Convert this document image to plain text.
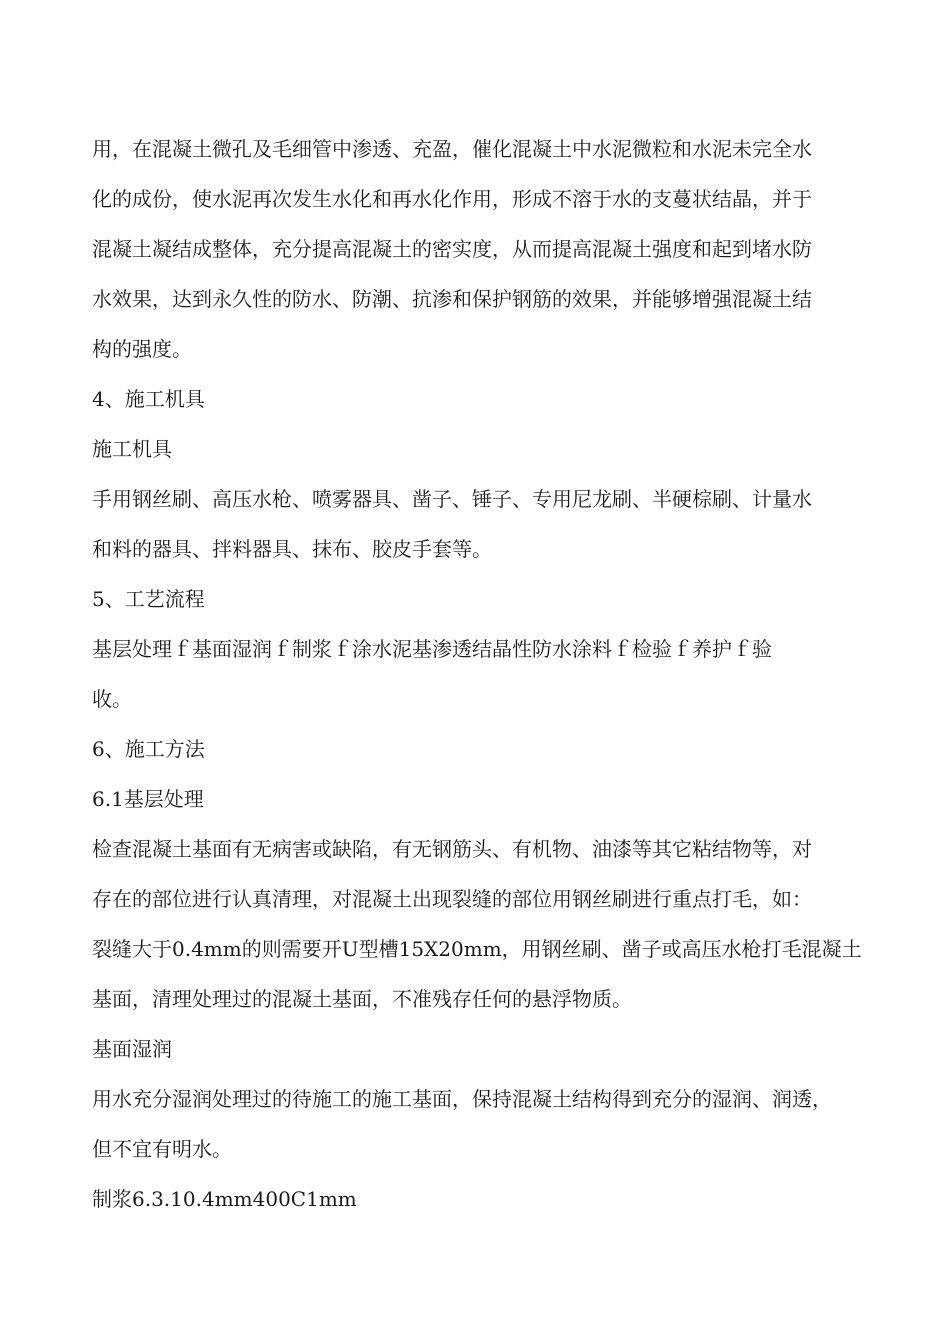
用，在混凝土微孔及毛细管中渗透、充盈，催化混凝土中水泥微粒和水泥未完全水

化的成份，使水泥再次发生水化和再水化作用，形成不溶于水的支蔓状结晶，并于

混凝土凝结成整体，充分提高混凝土的密实度，从而提高混凝土强度和起到堵水防

水效果，达到永久性的防水、防潮、抗渗和保护钢筋的效果，并能够增强混凝土结

构的强度。

4、施工机具

施工机具

手用钢丝刷、高压水枪、喷雾器具、凿子、锤子、专用尼龙刷、半硬棕刷、计量水

和料的器具、拌料器具、抹布、胶皮手套等。

5、工艺流程

基层处理ｆ基面湿润ｆ制浆ｆ涂水泥基渗透结晶性防水涂料ｆ检验ｆ养护ｆ验

收。

6、施工方法

6.1基层处理

检查混凝土基面有无病害或缺陷，有无钢筋头、有机物、油漆等其它粘结物等，对

存在的部位进行认真清理，对混凝土出现裂缝的部位用钢丝刷进行重点打毛，如：

裂缝大于0.4mm的则需要开U型槽15X20mm，用钢丝刷、凿子或高压水枪打毛混凝土

基面，清理处理过的混凝土基面，不准残存任何的悬浮物质。

基面湿润

用水充分湿润处理过的待施工的施工基面，保持混凝土结构得到充分的湿润、润透，

但不宜有明水。

制浆6.3.10.4mm400C1mm
